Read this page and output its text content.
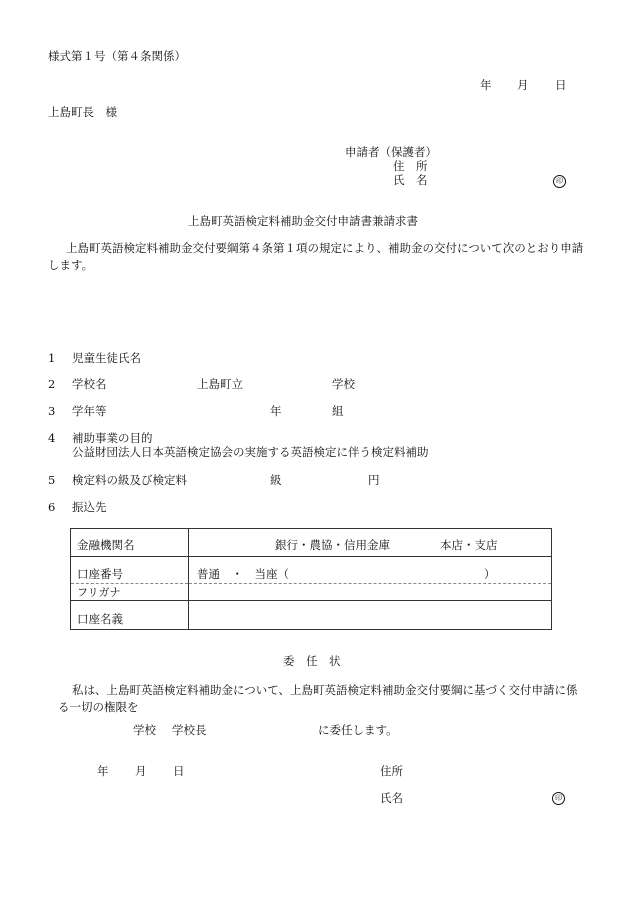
様式第１号（第４条関係）
年 月 日
上島町長　様
申請者（保護者）
住　所
氏　名	印
上島町英語検定料補助金交付申請書兼請求書
上島町英語検定料補助金交付要綱第４条第１項の規定により、補助金の交付について次のとおり申請します。
1 児童生徒氏名
2 学校名	上島町立	学校
3 学年等	年	組
4 補助事業の目的
公益財団法人日本英語検定協会の実施する英語検定に伴う検定料補助
5 検定料の級及び検定料	級	円
6 振込先
金融機関名	銀行・農協・信用金庫 本店・支店
口座番号	普通　・　当座（ ）
フリガナ	
口座名義	
委　任　状
私は、上島町英語検定料補助金について、上島町英語検定料補助金交付要綱に基づく交付申請に係る一切の権限を
学校 学校長	に委任します。
年 月 日	住所
氏名	印
